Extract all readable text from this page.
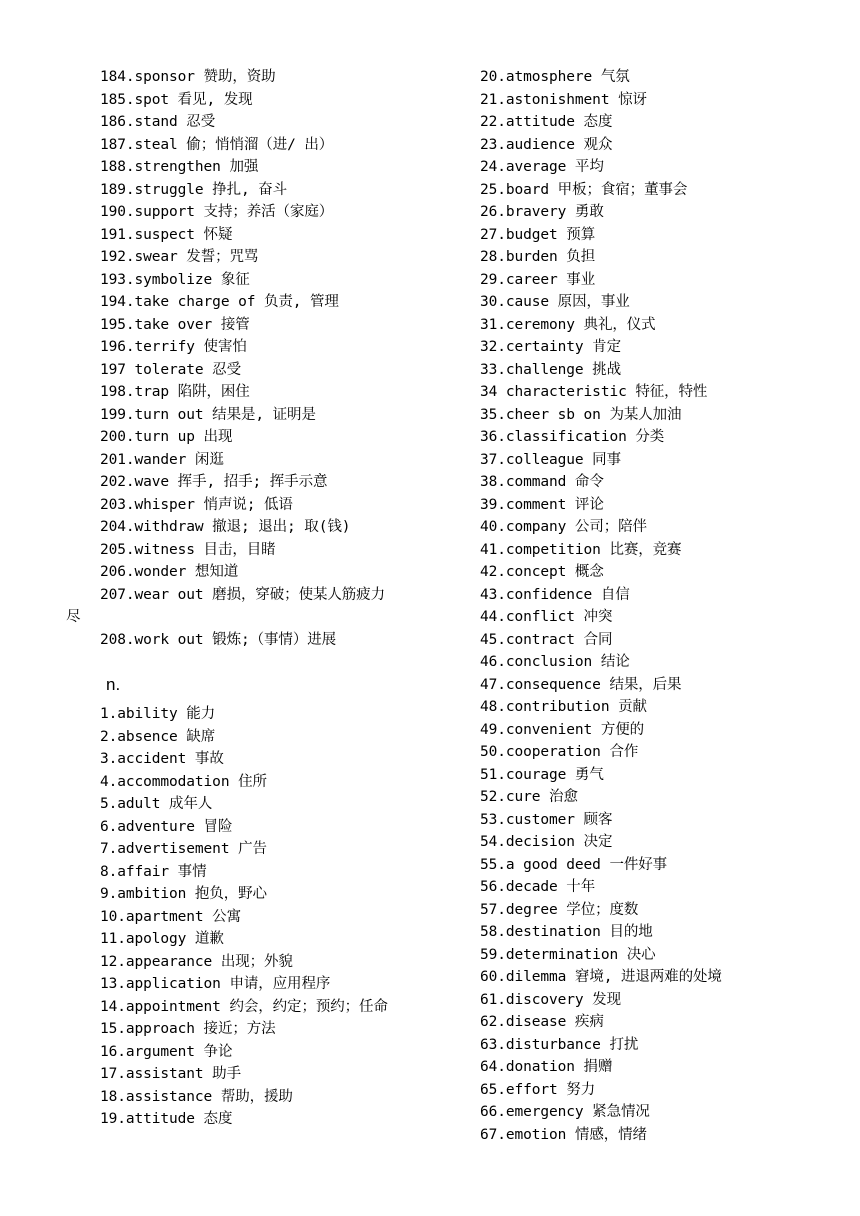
184.sponsor 赞助，资助
185.spot 看见, 发现
186.stand 忍受
187.steal 偷；悄悄溜（进/ 出）
188.strengthen 加强
189.struggle 挣扎, 奋斗
190.support 支持；养活（家庭）
191.suspect 怀疑
192.swear 发誓；咒骂
193.symbolize 象征
194.take charge of 负责, 管理
195.take over 接管
196.terrify 使害怕
197 tolerate 忍受
198.trap 陷阱，困住
199.turn out 结果是, 证明是
200.turn up 出现
201.wander 闲逛
202.wave 挥手, 招手; 挥手示意
203.whisper 悄声说; 低语
204.withdraw 撤退; 退出; 取(钱)
205.witness 目击，目睹
206.wonder 想知道
207.wear out 磨损，穿破；使某人筋疲力
尽
208.work out 锻炼;（事情）进展
n.
1.ability 能力
2.absence 缺席
3.accident 事故
4.accommodation 住所
5.adult 成年人
6.adventure 冒险
7.advertisement 广告
8.affair 事情
9.ambition 抱负，野心
10.apartment 公寓
11.apology 道歉
12.appearance 出现；外貌
13.application 申请，应用程序
14.appointment 约会，约定；预约；任命
15.approach 接近；方法
16.argument 争论
17.assistant 助手
18.assistance 帮助，援助
19.attitude 态度
20.atmosphere 气氛
21.astonishment 惊讶
22.attitude 态度
23.audience 观众
24.average 平均
25.board 甲板；食宿；董事会
26.bravery 勇敢
27.budget 预算
28.burden 负担
29.career 事业
30.cause 原因，事业
31.ceremony 典礼，仪式
32.certainty 肯定
33.challenge 挑战
34 characteristic 特征，特性
35.cheer sb on 为某人加油
36.classification 分类
37.colleague 同事
38.command 命令
39.comment 评论
40.company 公司；陪伴
41.competition 比赛，竞赛
42.concept 概念
43.confidence 自信
44.conflict 冲突
45.contract 合同
46.conclusion 结论
47.consequence 结果，后果
48.contribution 贡献
49.convenient 方便的
50.cooperation 合作
51.courage 勇气
52.cure 治愈
53.customer 顾客
54.decision 决定
55.a good deed 一件好事
56.decade 十年
57.degree 学位；度数
58.destination 目的地
59.determination 决心
60.dilemma 窘境, 进退两难的处境
61.discovery 发现
62.disease 疾病
63.disturbance 打扰
64.donation 捐赠
65.effort 努力
66.emergency 紧急情况
67.emotion 情感，情绪
